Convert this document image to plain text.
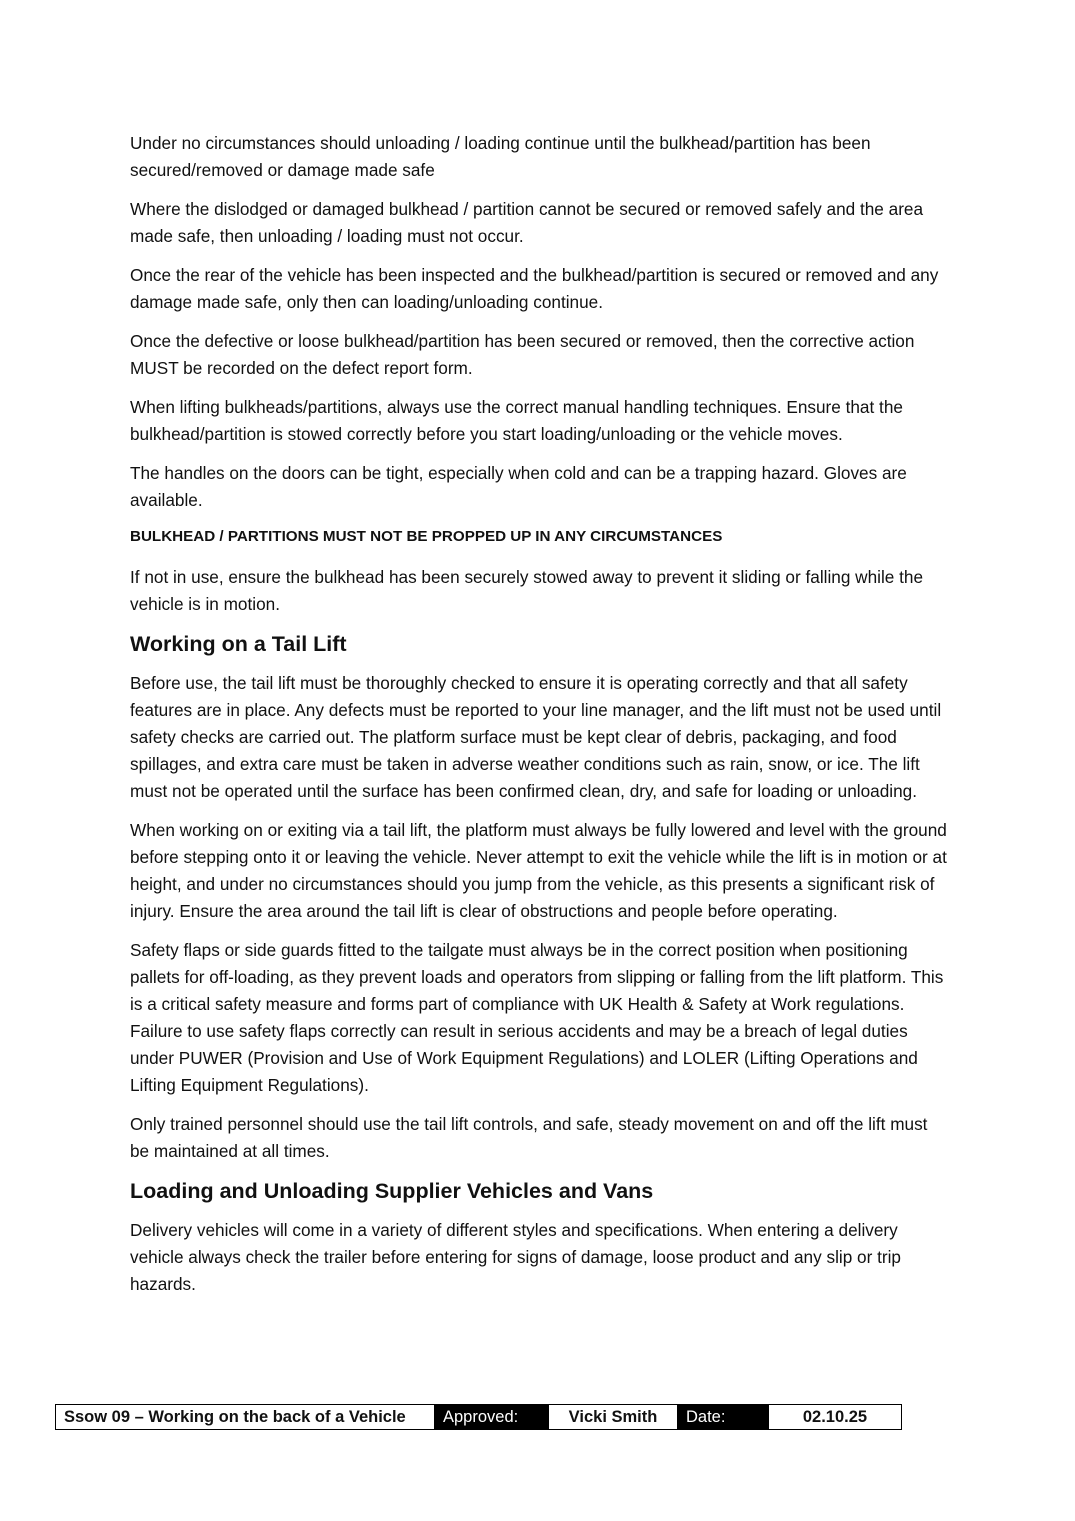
Under no circumstances should unloading / loading continue until the bulkhead/partition has been secured/removed or damage made safe

Where the dislodged or damaged bulkhead / partition cannot be secured or removed safely and the area made safe, then unloading / loading must not occur.

Once the rear of the vehicle has been inspected and the bulkhead/partition is secured or removed and any damage made safe, only then can loading/unloading continue.

Once the defective or loose bulkhead/partition has been secured or removed, then the corrective action MUST be recorded on the defect report form.

When lifting bulkheads/partitions, always use the correct manual handling techniques. Ensure that the bulkhead/partition is stowed correctly before you start loading/unloading or the vehicle moves.

The handles on the doors can be tight, especially when cold and can be a trapping hazard. Gloves are available.

BULKHEAD / PARTITIONS MUST NOT BE PROPPED UP IN ANY CIRCUMSTANCES

If not in use, ensure the bulkhead has been securely stowed away to prevent it sliding or falling while the vehicle is in motion.

Working on a Tail Lift

Before use, the tail lift must be thoroughly checked to ensure it is operating correctly and that all safety features are in place. Any defects must be reported to your line manager, and the lift must not be used until safety checks are carried out. The platform surface must be kept clear of debris, packaging, and food spillages, and extra care must be taken in adverse weather conditions such as rain, snow, or ice. The lift must not be operated until the surface has been confirmed clean, dry, and safe for loading or unloading.

When working on or exiting via a tail lift, the platform must always be fully lowered and level with the ground before stepping onto it or leaving the vehicle. Never attempt to exit the vehicle while the lift is in motion or at height, and under no circumstances should you jump from the vehicle, as this presents a significant risk of injury. Ensure the area around the tail lift is clear of obstructions and people before operating.

Safety flaps or side guards fitted to the tailgate must always be in the correct position when positioning pallets for off-loading, as they prevent loads and operators from slipping or falling from the lift platform. This is a critical safety measure and forms part of compliance with UK Health & Safety at Work regulations. Failure to use safety flaps correctly can result in serious accidents and may be a breach of legal duties under PUWER (Provision and Use of Work Equipment Regulations) and LOLER (Lifting Operations and Lifting Equipment Regulations).

Only trained personnel should use the tail lift controls, and safe, steady movement on and off the lift must be maintained at all times.

Loading and Unloading Supplier Vehicles and Vans

Delivery vehicles will come in a variety of different styles and specifications. When entering a delivery vehicle always check the trailer before entering for signs of damage, loose product and any slip or trip hazards.

Ssow 09 – Working on the back of a Vehicle	Approved:	Vicki Smith	Date:	02.10.25
